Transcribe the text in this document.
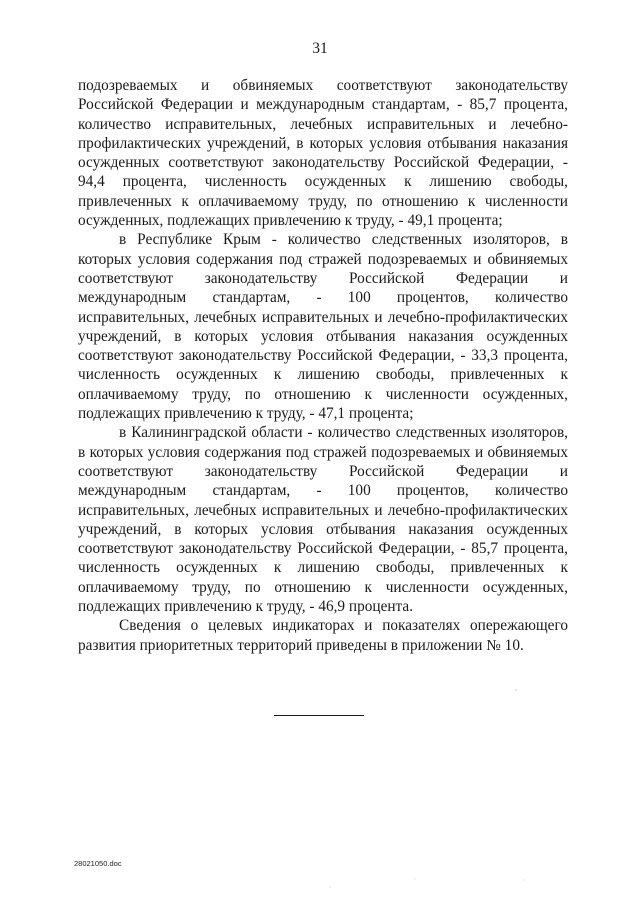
31

подозреваемых и обвиняемых соответствуют законодательству Российской Федерации и международным стандартам, - 85,7 процента, количество исправительных, лечебных исправительных и лечебно-профилактических учреждений, в которых условия отбывания наказания осужденных соответствуют законодательству Российской Федерации, - 94,4 процента, численность осужденных к лишению свободы, привлеченных к оплачиваемому труду, по отношению к численности осужденных, подлежащих привлечению к труду, - 49,1 процента;

в Республике Крым - количество следственных изоляторов, в которых условия содержания под стражей подозреваемых и обвиняемых соответствуют законодательству Российской Федерации и международным стандартам, - 100 процентов, количество исправительных, лечебных исправительных и лечебно-профилактических учреждений, в которых условия отбывания наказания осужденных соответствуют законодательству Российской Федерации, - 33,3 процента, численность осужденных к лишению свободы, привлеченных к оплачиваемому труду, по отношению к численности осужденных, подлежащих привлечению к труду, - 47,1 процента;

в Калининградской области - количество следственных изоляторов, в которых условия содержания под стражей подозреваемых и обвиняемых соответствуют законодательству Российской Федерации и международным стандартам, - 100 процентов, количество исправительных, лечебных исправительных и лечебно-профилактических учреждений, в которых условия отбывания наказания осужденных соответствуют законодательству Российской Федерации, - 85,7 процента, численность осужденных к лишению свободы, привлеченных к оплачиваемому труду, по отношению к численности осужденных, подлежащих привлечению к труду, - 46,9 процента.

Сведения о целевых индикаторах и показателях опережающего развития приоритетных территорий приведены в приложении № 10.

28021050.doc
